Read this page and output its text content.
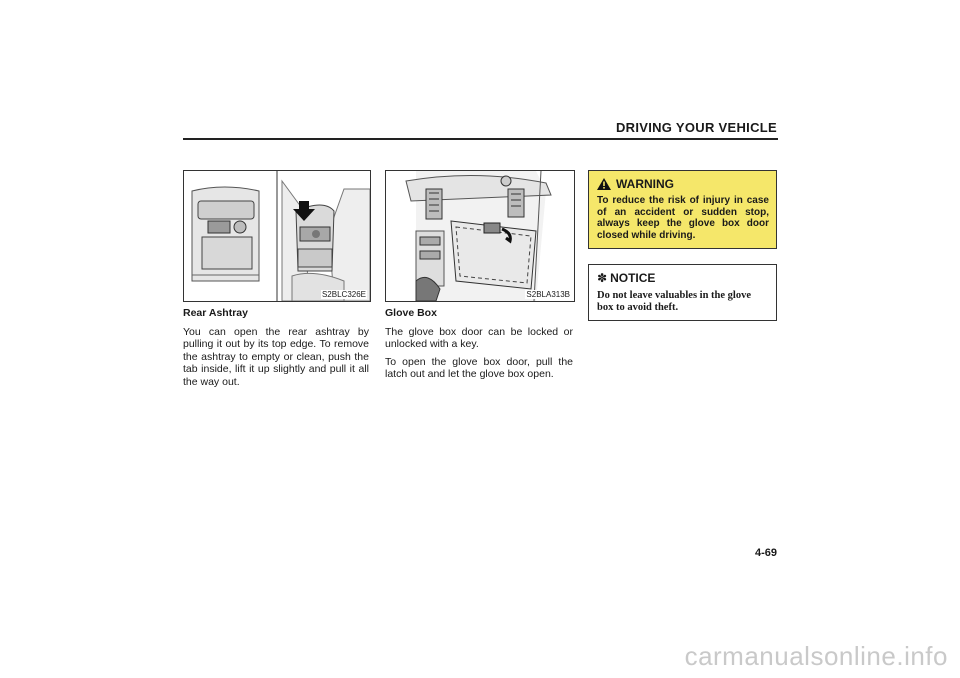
DRIVING YOUR VEHICLE
S2BLC326E	S2BLA313B
Rear Ashtray

You can open the rear ashtray by pulling it out by its top edge. To remove the ashtray to empty or clean, push the tab inside, lift it up slightly and pull it all the way out.

Glove Box

The glove box door can be locked or unlocked with a key.

To open the glove box door, pull the latch out and let the glove box open.

WARNING
To reduce the risk of injury in case of an accident or sudden stop, always keep the glove box door closed while driving.
✽ NOTICE
Do not leave valuables in the glove box to avoid theft.
4-69
carmanualsonline.info
